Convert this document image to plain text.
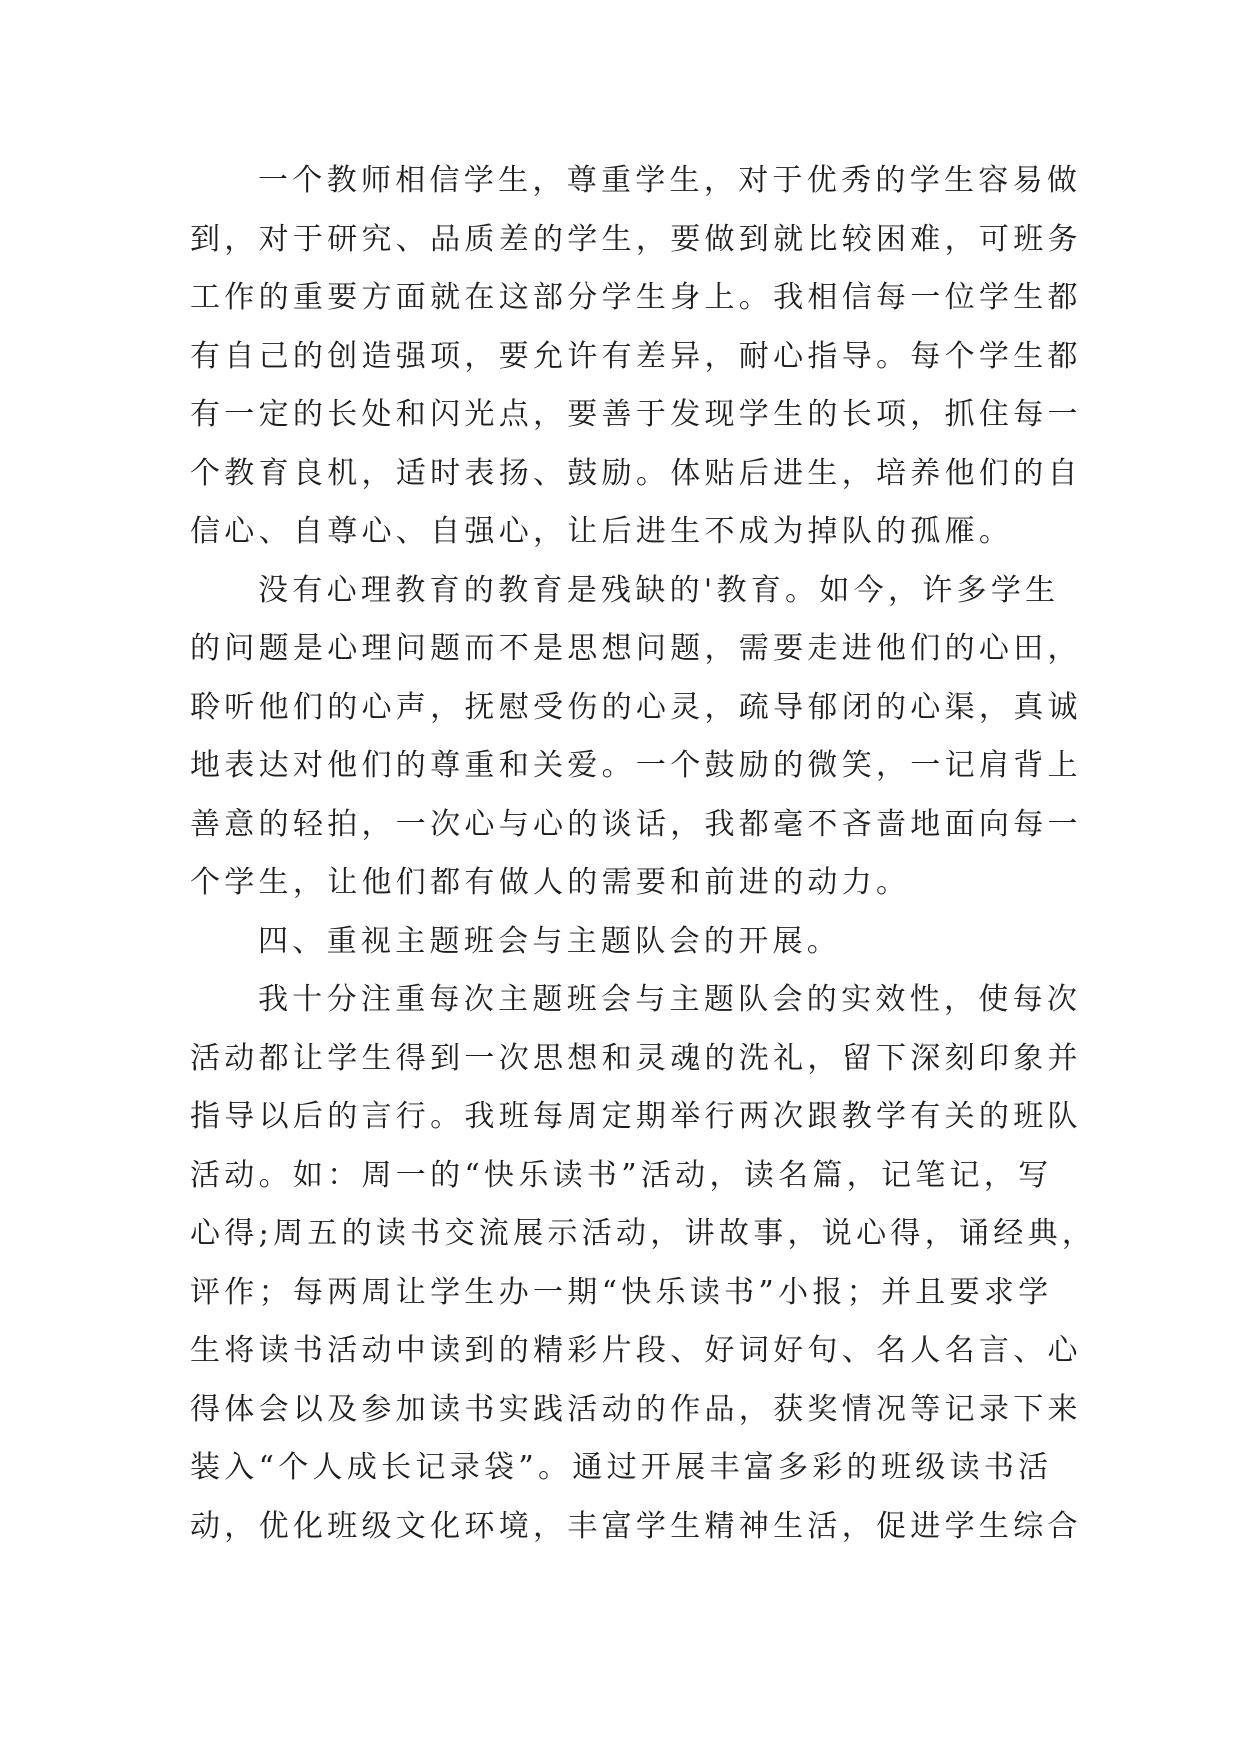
一个教师相信学生，尊重学生，对于优秀的学生容易做
到，对于研究、品质差的学生，要做到就比较困难，可班务
工作的重要方面就在这部分学生身上。我相信每一位学生都
有自己的创造强项，要允许有差异，耐心指导。每个学生都
有一定的长处和闪光点，要善于发现学生的长项，抓住每一
个教育良机，适时表扬、鼓励。体贴后进生，培养他们的自
信心、自尊心、自强心，让后进生不成为掉队的孤雁。
没有心理教育的教育是残缺的'教育。如今，许多学生
的问题是心理问题而不是思想问题，需要走进他们的心田，
聆听他们的心声，抚慰受伤的心灵，疏导郁闭的心渠，真诚
地表达对他们的尊重和关爱。一个鼓励的微笑，一记肩背上
善意的轻拍，一次心与心的谈话，我都毫不吝啬地面向每一
个学生，让他们都有做人的需要和前进的动力。
四、重视主题班会与主题队会的开展。
我十分注重每次主题班会与主题队会的实效性，使每次
活动都让学生得到一次思想和灵魂的洗礼，留下深刻印象并
指导以后的言行。我班每周定期举行两次跟教学有关的班队
活动。如：周一的“快乐读书”活动，读名篇，记笔记，写
心得;周五的读书交流展示活动，讲故事，说心得，诵经典，
评作；每两周让学生办一期“快乐读书”小报；并且要求学
生将读书活动中读到的精彩片段、好词好句、名人名言、心
得体会以及参加读书实践活动的作品，获奖情况等记录下来
装入“个人成长记录袋”。通过开展丰富多彩的班级读书活
动，优化班级文化环境，丰富学生精神生活，促进学生综合
